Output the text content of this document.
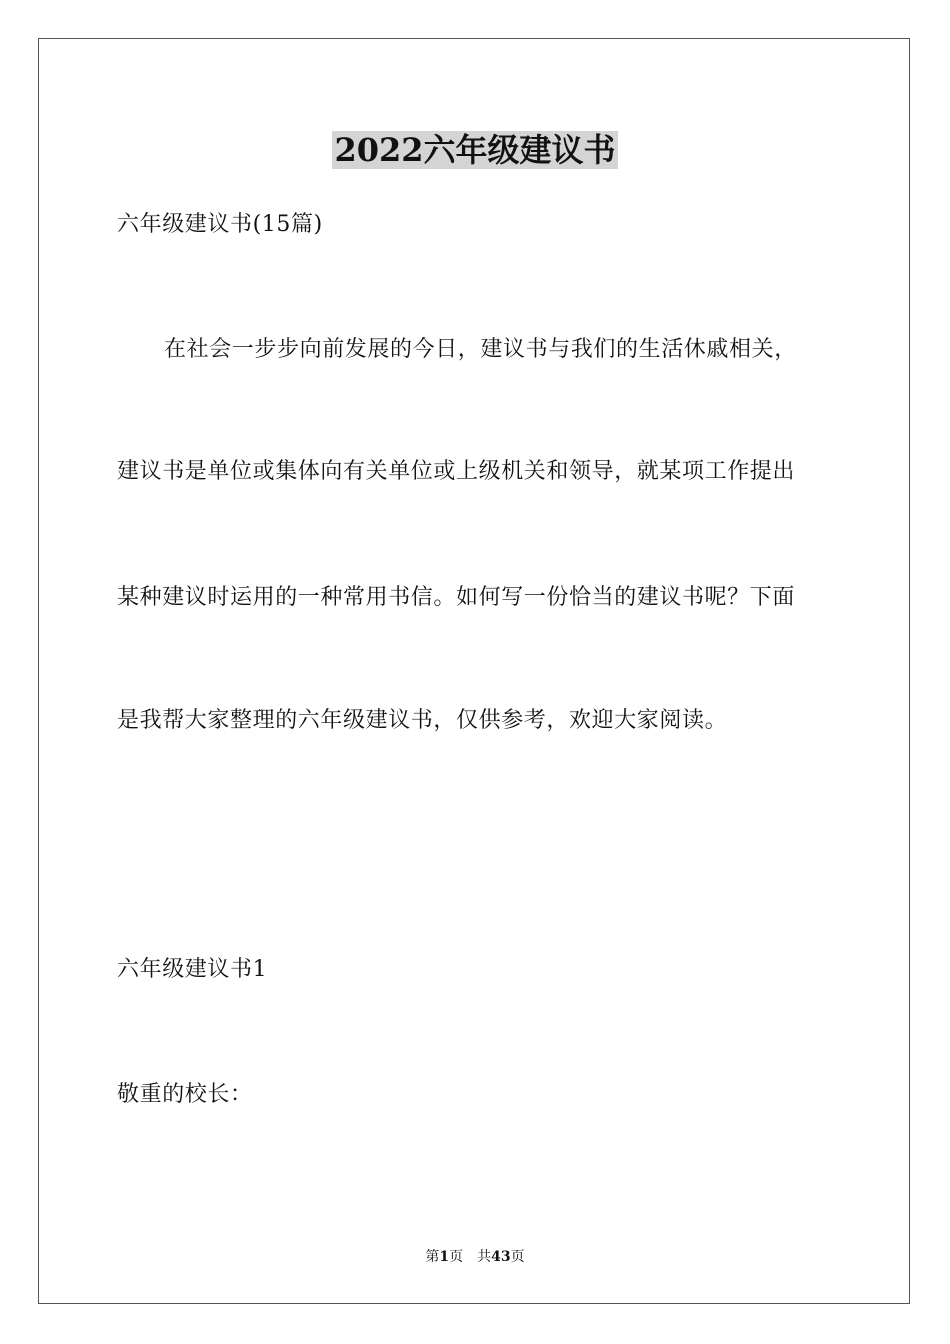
2022六年级建议书

六年级建议书(15篇)

在社会一步步向前发展的今日，建议书与我们的生活休戚相关，

建议书是单位或集体向有关单位或上级机关和领导，就某项工作提出

某种建议时运用的一种常用书信。如何写一份恰当的建议书呢？下面

是我帮大家整理的六年级建议书，仅供参考，欢迎大家阅读。

六年级建议书1

敬重的校长：

第1页 共43页
